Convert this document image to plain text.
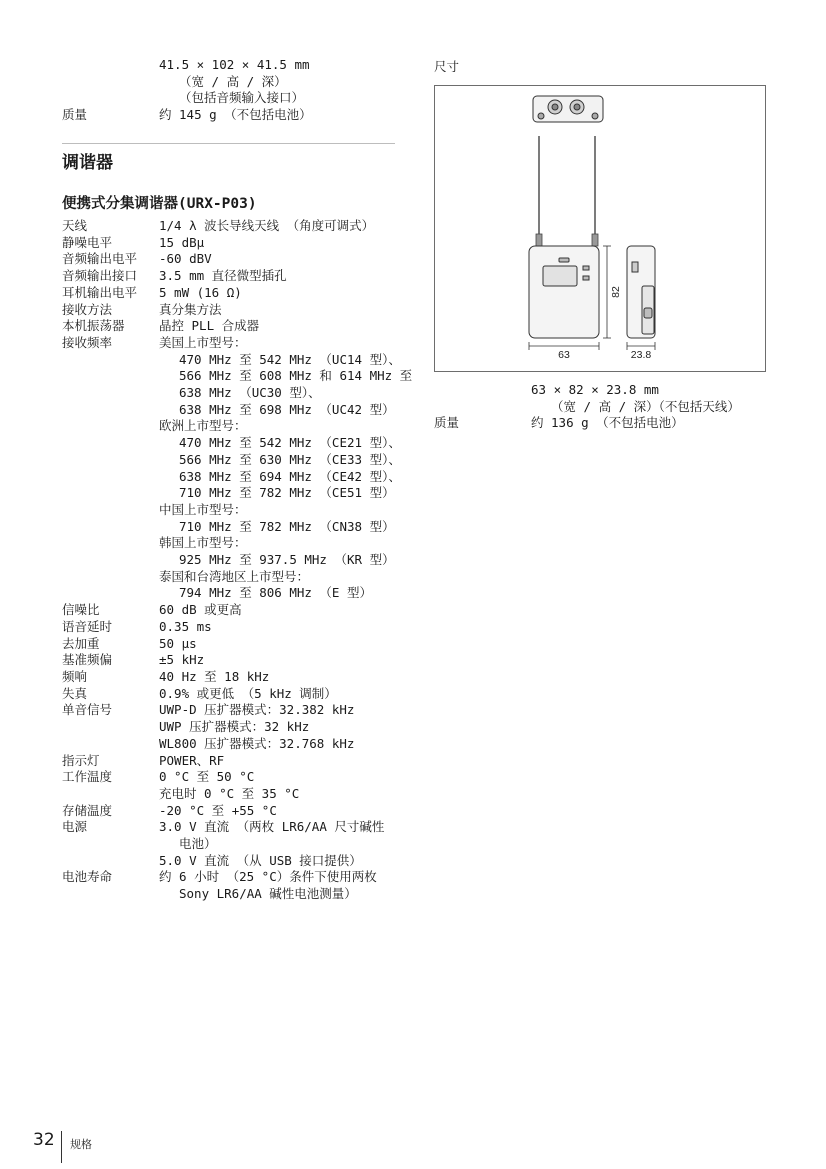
41.5 × 102 × 41.5 mm
（宽 / 高 / 深）
（包括音频输入接口）
质量	约 145 g （不包括电池）
调谐器
便携式分集调谐器(URX-P03)
天线	1/4 λ 波长导线天线 （角度可调式）
静噪电平	15 dBμ
音频输出电平	-60 dBV
音频输出接口	3.5 mm 直径微型插孔
耳机输出电平	5 mW (16 Ω)
接收方法	真分集方法
本机振荡器	晶控 PLL 合成器
接收频率	美国上市型号：
470 MHz 至 542 MHz （UC14 型）、
566 MHz 至 608 MHz 和 614 MHz 至
638 MHz （UC30 型）、
638 MHz 至 698 MHz （UC42 型）
欧洲上市型号：
470 MHz 至 542 MHz （CE21 型）、
566 MHz 至 630 MHz （CE33 型）、
638 MHz 至 694 MHz （CE42 型）、
710 MHz 至 782 MHz （CE51 型）
中国上市型号：
710 MHz 至 782 MHz （CN38 型）
韩国上市型号：
925 MHz 至 937.5 MHz （KR 型）
泰国和台湾地区上市型号：
794 MHz 至 806 MHz （E 型）
信噪比	60 dB 或更高
语音延时	0.35 ms
去加重	50 μs
基准频偏	±5 kHz
频响	40 Hz 至 18 kHz
失真	0.9% 或更低 （5 kHz 调制）
单音信号	UWP-D 压扩器模式：32.382 kHz
UWP 压扩器模式：32 kHz
WL800 压扩器模式：32.768 kHz
指示灯	POWER、RF
工作温度	0 °C 至 50 °C
充电时 0 °C 至 35 °C
存储温度	-20 °C 至 +55 °C
电源	3.0 V 直流 （两枚 LR6/AA 尺寸碱性
电池）
5.0 V 直流 （从 USB 接口提供）
电池寿命	约 6 小时 （25 °C）条件下使用两枚
Sony LR6/AA 碱性电池测量）
尺寸
63
82
23.8
63 × 82 × 23.8 mm
（宽 / 高 / 深）（不包括天线）
质量	约 136 g （不包括电池）
32 规格
